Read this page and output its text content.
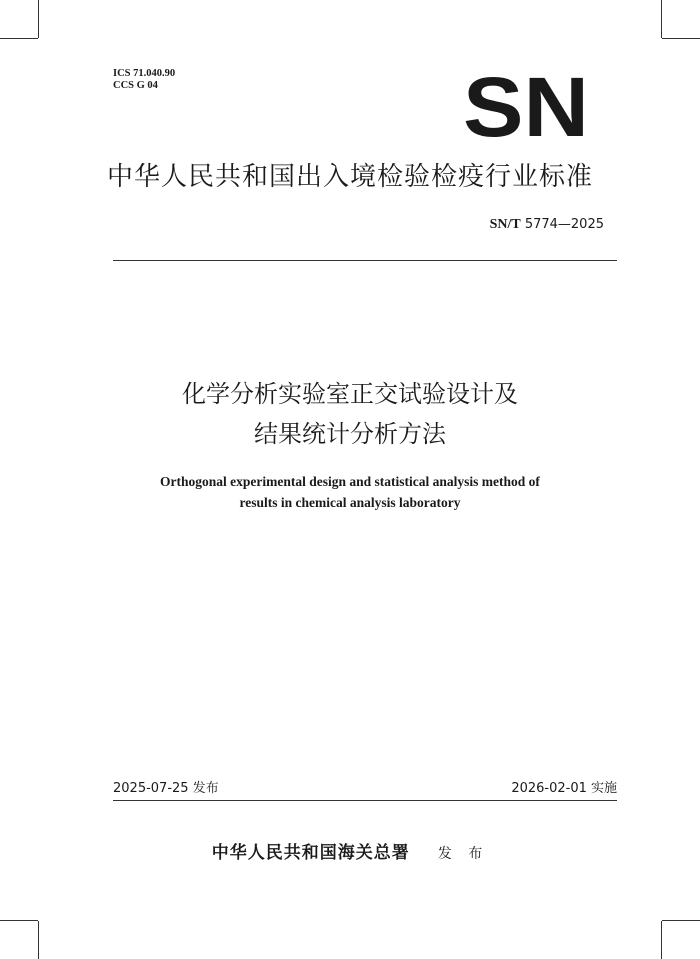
ICS 71.040.90
CCS G 04	SN
中华人民共和国出入境检验检疫行业标准
SN/T 5774—2025
化学分析实验室正交试验设计及
结果统计分析方法
Orthogonal experimental design and statistical analysis method of
results in chemical analysis laboratory
2025-07-25 发布	2026-02-01 实施
中华人民共和国海关总署 发 布
